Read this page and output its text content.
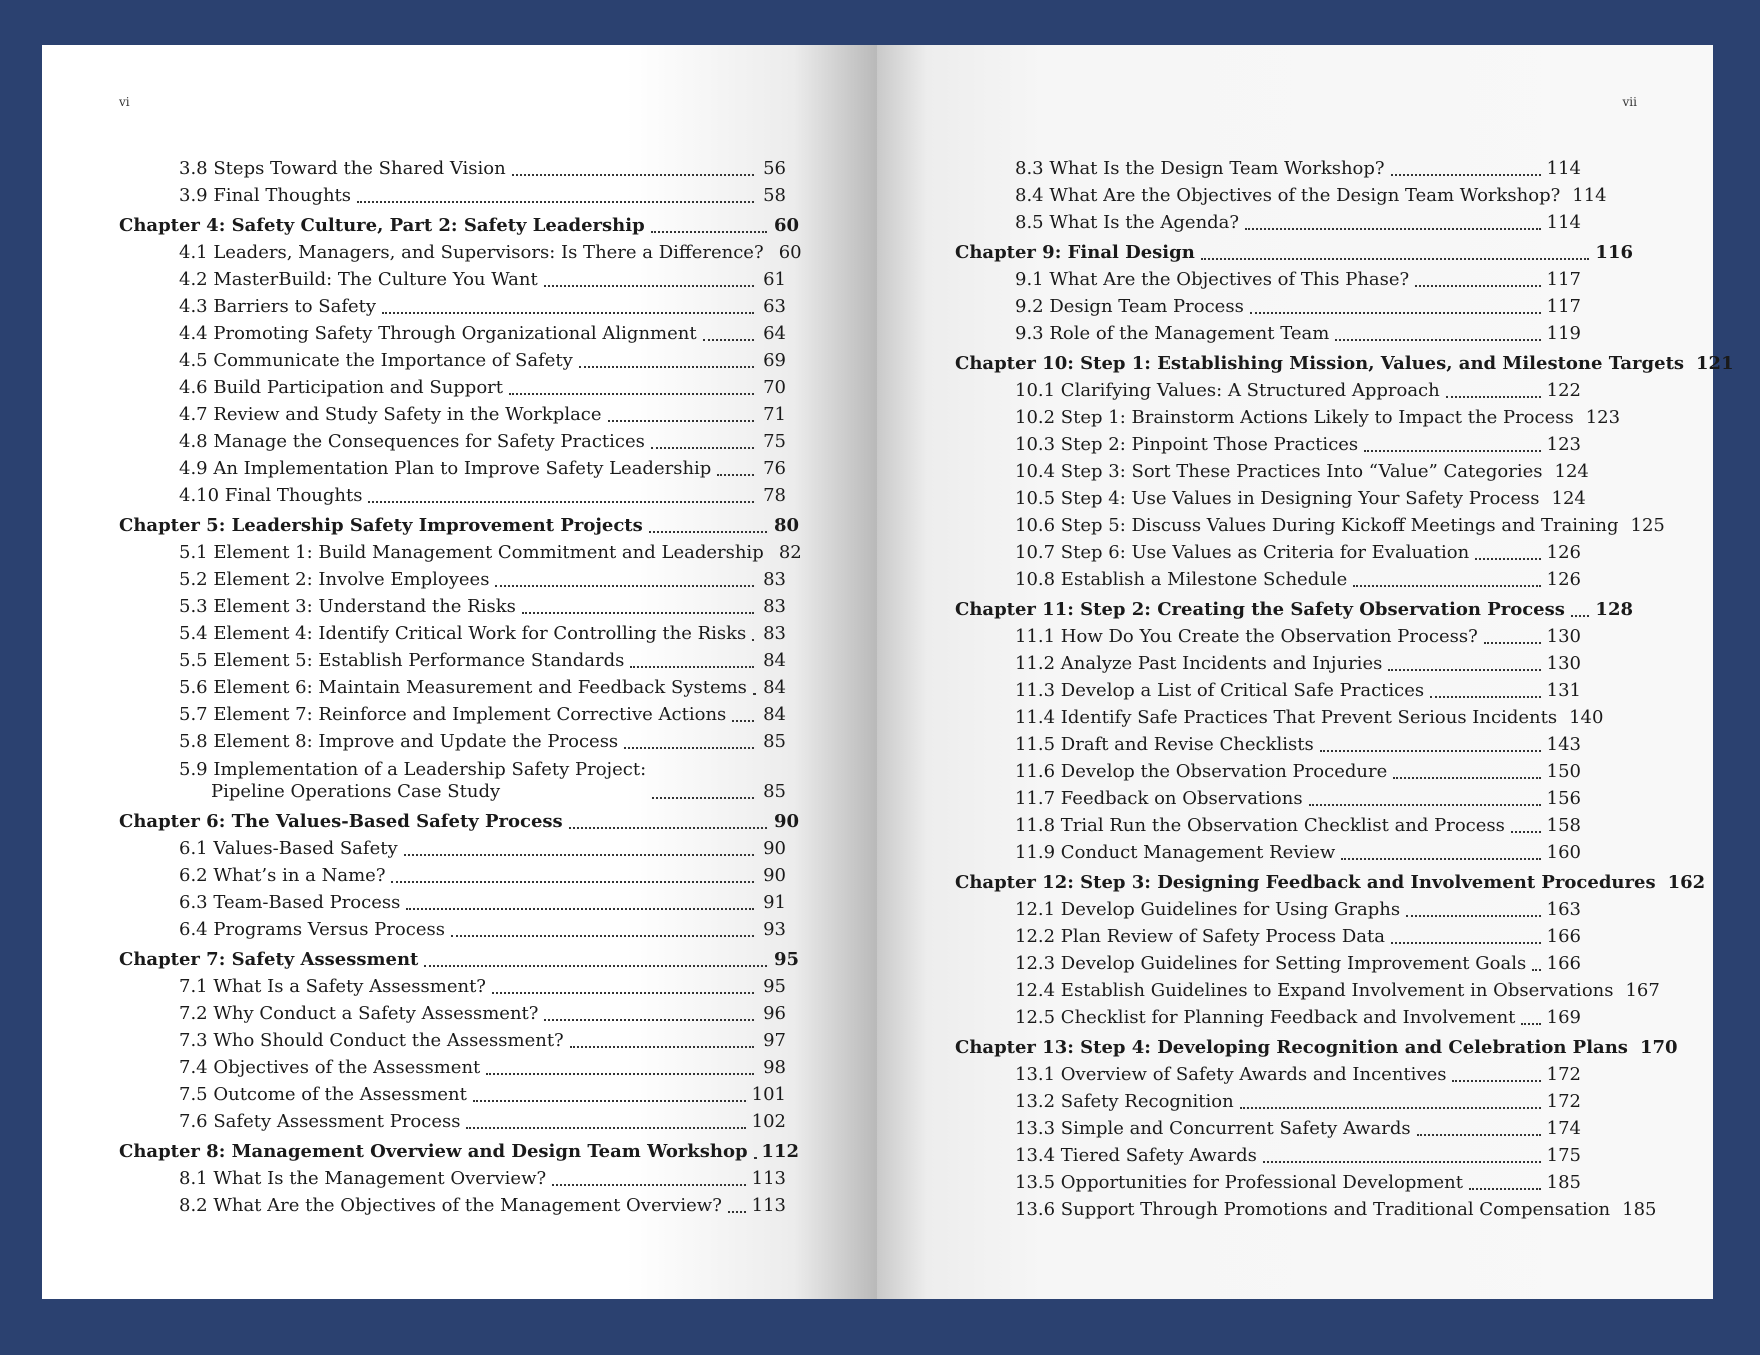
vi
3.8 Steps Toward the Shared Vision	56
3.9 Final Thoughts	58
Chapter 4: Safety Culture, Part 2: Safety Leadership	60
4.1 Leaders, Managers, and Supervisors: Is There a Difference? 60
4.2 MasterBuild: The Culture You Want	61
4.3 Barriers to Safety	63
4.4 Promoting Safety Through Organizational Alignment	64
4.5 Communicate the Importance of Safety	69
4.6 Build Participation and Support	70
4.7 Review and Study Safety in the Workplace	71
4.8 Manage the Consequences for Safety Practices	75
4.9 An Implementation Plan to Improve Safety Leadership	76
4.10 Final Thoughts	78
Chapter 5: Leadership Safety Improvement Projects	80
5.1 Element 1: Build Management Commitment and Leadership 82
5.2 Element 2: Involve Employees	83
5.3 Element 3: Understand the Risks	83
5.4 Element 4: Identify Critical Work for Controlling the Risks 83
5.5 Element 5: Establish Performance Standards	84
5.6 Element 6: Maintain Measurement and Feedback Systems 84
5.7 Element 7: Reinforce and Implement Corrective Actions 84
5.8 Element 8: Improve and Update the Process	85
5.9 Implementation of a Leadership Safety Project:
Pipeline Operations Case Study	85
Chapter 6: The Values-Based Safety Process	90
6.1 Values-Based Safety	90
6.2 What’s in a Name?	90
6.3 Team-Based Process	91
6.4 Programs Versus Process	93
Chapter 7: Safety Assessment	95
7.1 What Is a Safety Assessment?	95
7.2 Why Conduct a Safety Assessment?	96
7.3 Who Should Conduct the Assessment?	97
7.4 Objectives of the Assessment	98
7.5 Outcome of the Assessment	101
7.6 Safety Assessment Process	102
Chapter 8: Management Overview and Design Team Workshop 112
8.1 What Is the Management Overview?	113
8.2 What Are the Objectives of the Management Overview? 113
vii
8.3 What Is the Design Team Workshop?	114
8.4 What Are the Objectives of the Design Team Workshop? 114
8.5 What Is the Agenda?	114
Chapter 9: Final Design	116
9.1 What Are the Objectives of This Phase?	117
9.2 Design Team Process	117
9.3 Role of the Management Team	119
Chapter 10: Step 1: Establishing Mission, Values, and Milestone Targets 121
10.1 Clarifying Values: A Structured Approach	122
10.2 Step 1: Brainstorm Actions Likely to Impact the Process 123
10.3 Step 2: Pinpoint Those Practices	123
10.4 Step 3: Sort These Practices Into “Value” Categories 124
10.5 Step 4: Use Values in Designing Your Safety Process 124
10.6 Step 5: Discuss Values During Kickoff Meetings and Training 125
10.7 Step 6: Use Values as Criteria for Evaluation	126
10.8 Establish a Milestone Schedule	126
Chapter 11: Step 2: Creating the Safety Observation Process 128
11.1 How Do You Create the Observation Process?	130
11.2 Analyze Past Incidents and Injuries	130
11.3 Develop a List of Critical Safe Practices	131
11.4 Identify Safe Practices That Prevent Serious Incidents 140
11.5 Draft and Revise Checklists	143
11.6 Develop the Observation Procedure	150
11.7 Feedback on Observations	156
11.8 Trial Run the Observation Checklist and Process 158
11.9 Conduct Management Review	160
Chapter 12: Step 3: Designing Feedback and Involvement Procedures 162
12.1 Develop Guidelines for Using Graphs	163
12.2 Plan Review of Safety Process Data	166
12.3 Develop Guidelines for Setting Improvement Goals 166
12.4 Establish Guidelines to Expand Involvement in Observations 167
12.5 Checklist for Planning Feedback and Involvement 169
Chapter 13: Step 4: Developing Recognition and Celebration Plans 170
13.1 Overview of Safety Awards and Incentives	172
13.2 Safety Recognition	172
13.3 Simple and Concurrent Safety Awards	174
13.4 Tiered Safety Awards	175
13.5 Opportunities for Professional Development	185
13.6 Support Through Promotions and Traditional Compensation 185
